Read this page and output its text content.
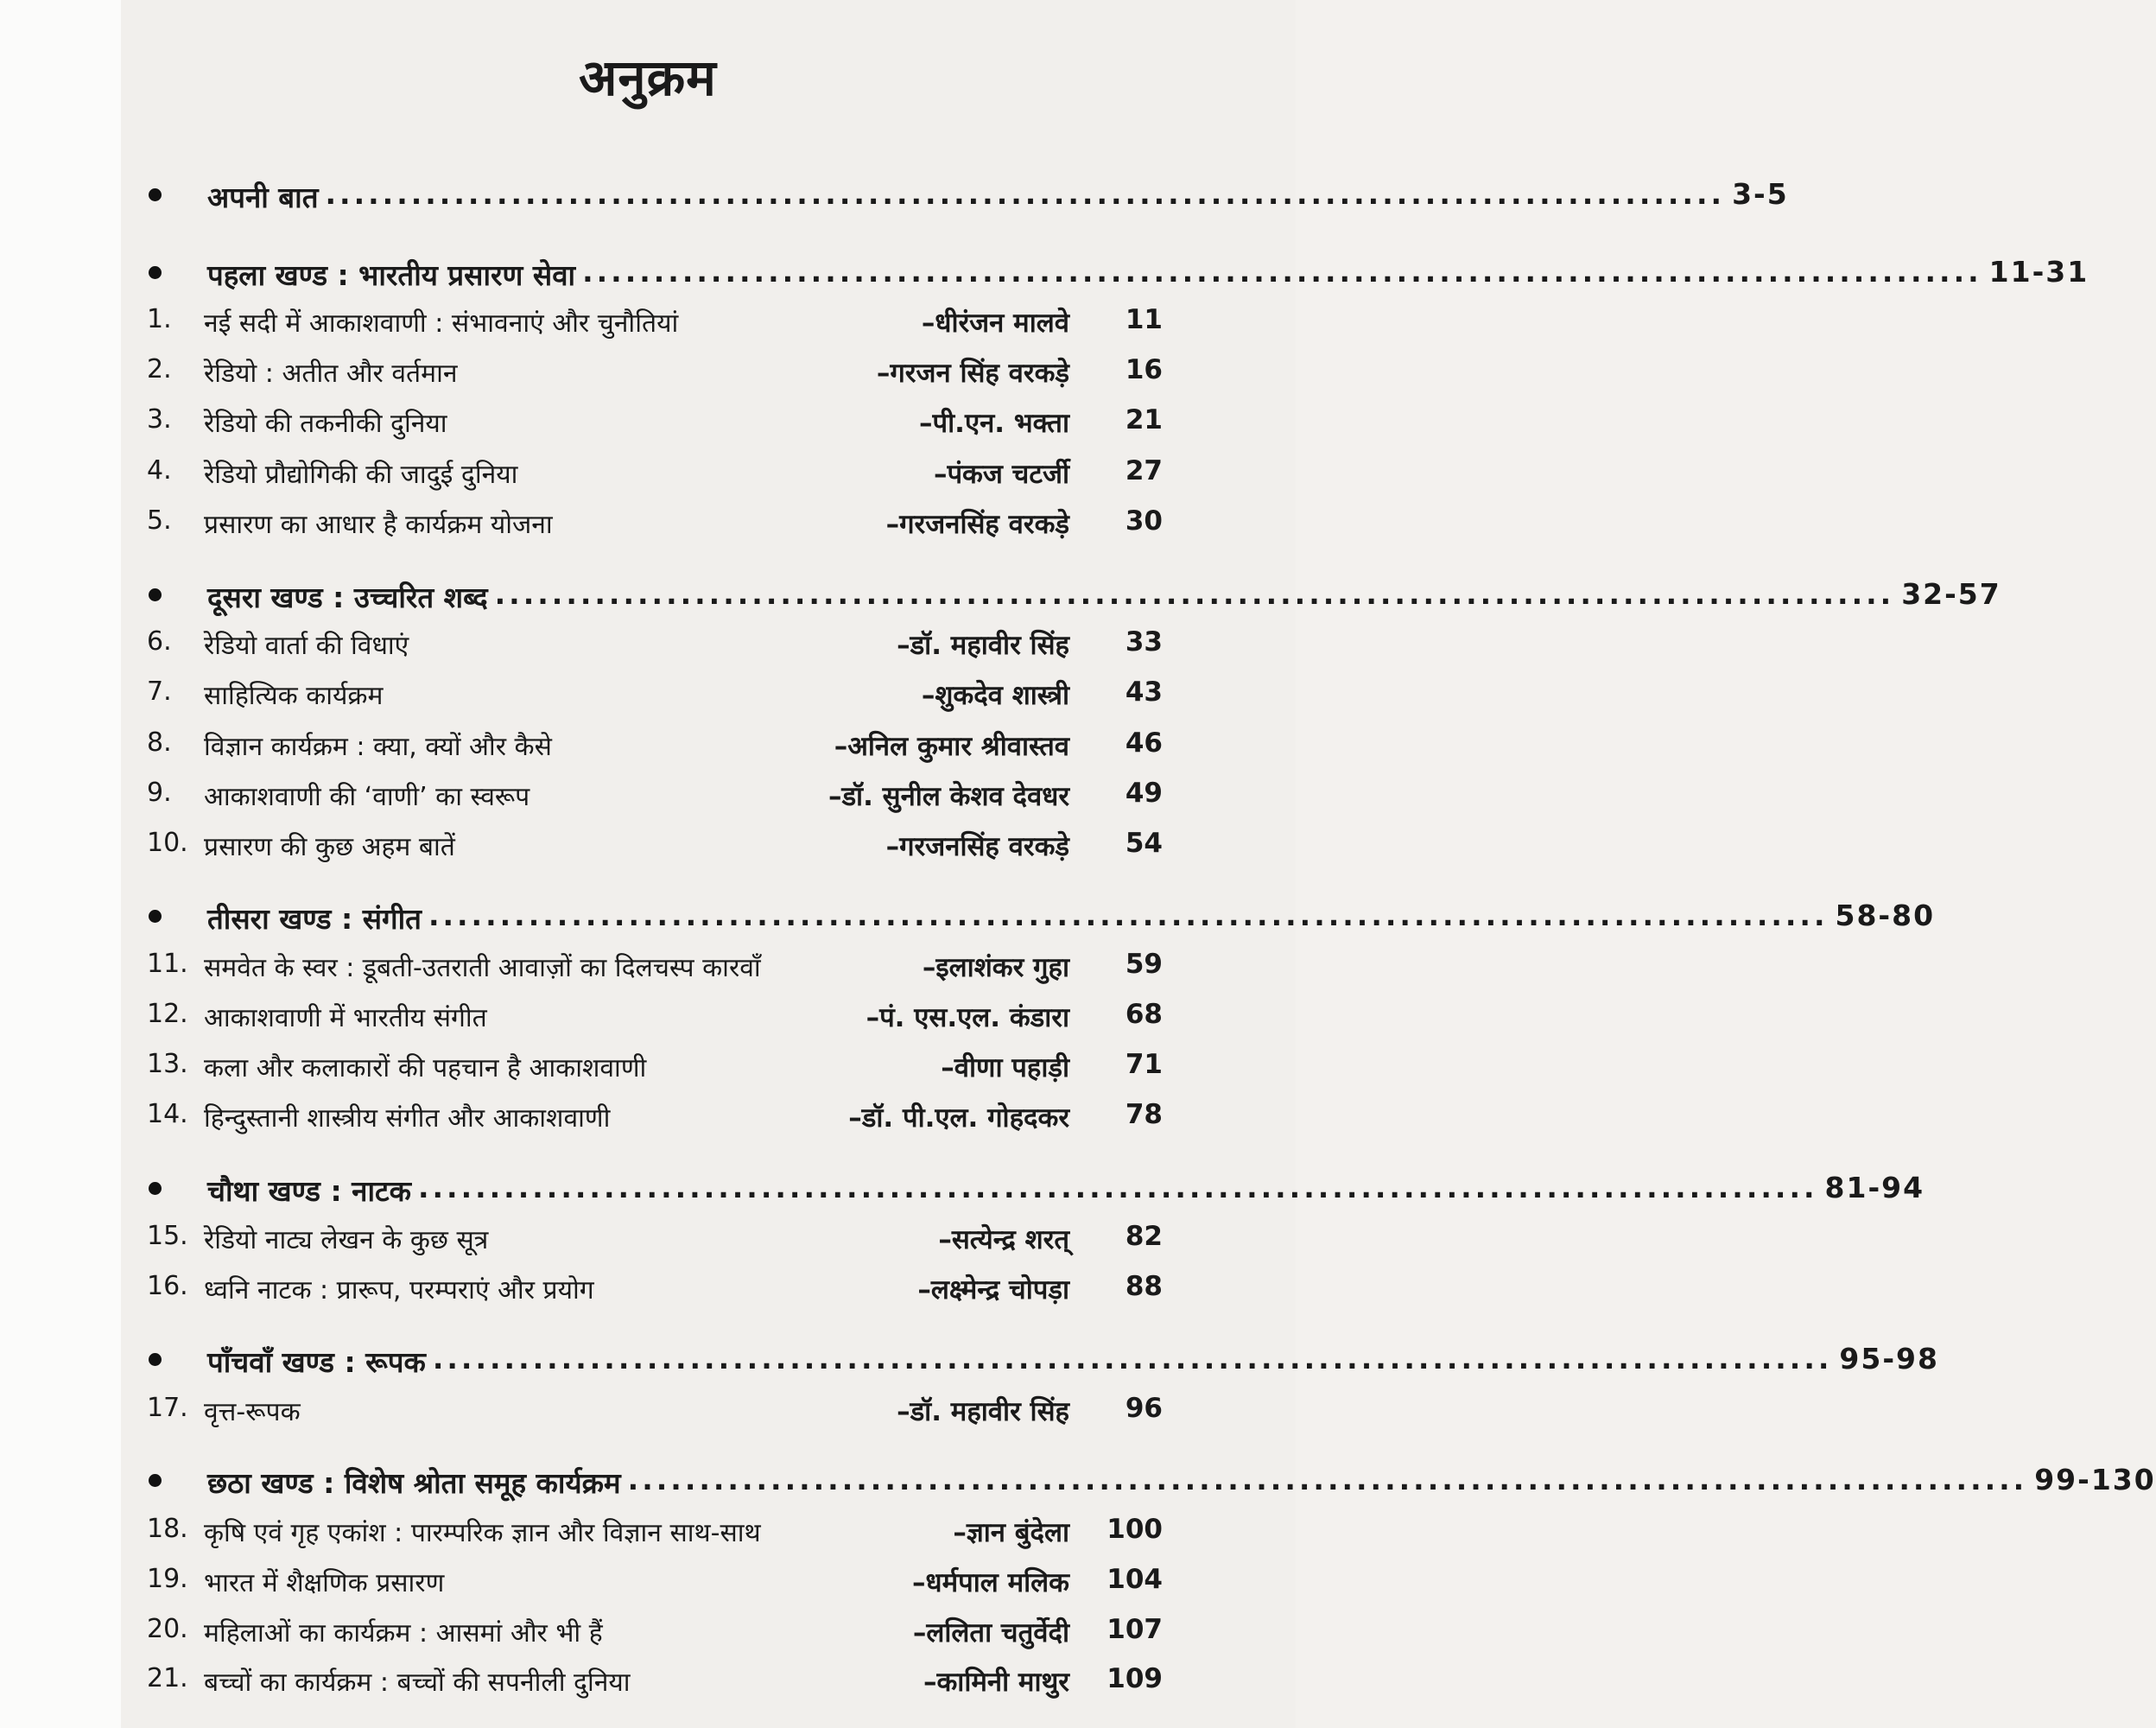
अनुक्रम
अपनी बात .................................................................................................. 3-5
पहला खण्ड : भारतीय प्रसारण सेवा .................................................................................................. 11-31
1.	नई सदी में आकाशवाणी : संभावनाएं और चुनौतियां	–धीरंजन मालवे	11
2.	रेडियो : अतीत और वर्तमान	–गरजन सिंह वरकड़े	16
3.	रेडियो की तकनीकी दुनिया	–पी.एन. भक्ता	21
4.	रेडियो प्रौद्योगिकी की जादुई दुनिया	–पंकज चटर्जी	27
5.	प्रसारण का आधार है कार्यक्रम योजना	–गरजनसिंह वरकड़े	30
दूसरा खण्ड : उच्चरित शब्द .................................................................................................. 32-57
6.	रेडियो वार्ता की विधाएं	–डॉ. महावीर सिंह	33
7.	साहित्यिक कार्यक्रम	–शुकदेव शास्त्री	43
8.	विज्ञान कार्यक्रम : क्या, क्यों और कैसे	–अनिल कुमार श्रीवास्तव	46
9.	आकाशवाणी की ‘वाणी’ का स्वरूप	–डॉ. सुनील केशव देवधर	49
10. प्रसारण की कुछ अहम बातें	–गरजनसिंह वरकड़े	54
तीसरा खण्ड : संगीत .................................................................................................. 58-80
11. समवेत के स्वर : डूबती-उतराती आवाज़ों का दिलचस्प कारवाँ	–इलाशंकर गुहा	59
12. आकाशवाणी में भारतीय संगीत	–पं. एस.एल. कंडारा	68
13. कला और कलाकारों की पहचान है आकाशवाणी	–वीणा पहाड़ी	71
14. हिन्दुस्तानी शास्त्रीय संगीत और आकाशवाणी	–डॉ. पी.एल. गोहदकर	78
चौथा खण्ड : नाटक .................................................................................................. 81-94
15. रेडियो नाट्य लेखन के कुछ सूत्र	–सत्येन्द्र शरत्	82
16. ध्वनि नाटक : प्रारूप, परम्पराएं और प्रयोग	–लक्ष्मेन्द्र चोपड़ा	88
पाँचवाँ खण्ड : रूपक .................................................................................................. 95-98
17. वृत्त-रूपक	–डॉ. महावीर सिंह	96
छठा खण्ड : विशेष श्रोता समूह कार्यक्रम .................................................................................................. 99-130
18. कृषि एवं गृह एकांश : पारम्परिक ज्ञान और विज्ञान साथ-साथ	–ज्ञान बुंदेला 100
19. भारत में शैक्षणिक प्रसारण	–धर्मपाल मलिक 104
20. महिलाओं का कार्यक्रम : आसमां और भी हैं	–ललिता चतुर्वेदी 107
21. बच्चों का कार्यक्रम : बच्चों की सपनीली दुनिया	–कामिनी माथुर 109
